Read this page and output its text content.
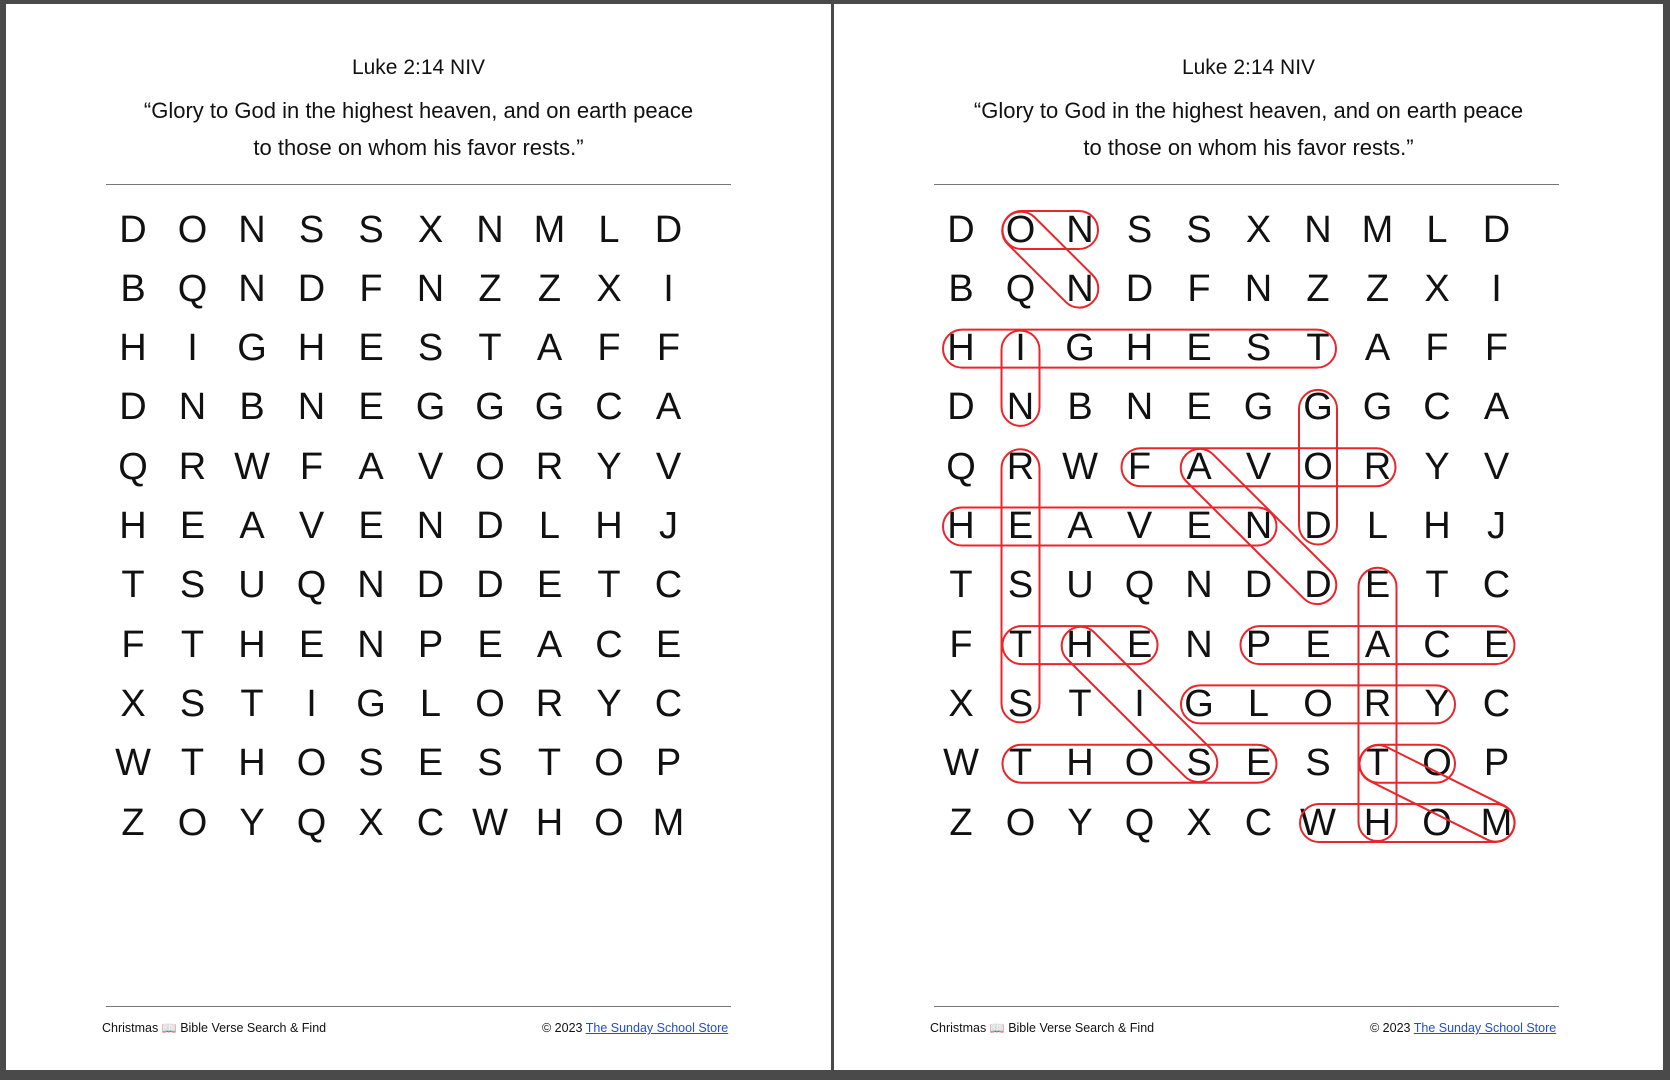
Luke 2:14 NIV
“Glory to God in the highest heaven, and on earth peace
to those on whom his favor rests.”
D O N S S X N M L D
B Q N D F N Z Z X	I
H	I	G H E S T A F F
D N B N E G G G C A
Q R W F A V O R Y V
H E A V E N D L H J
T S U Q N D D E T C
F T H E N P E A C E
X S T	I	G L O R Y C
W T H O S E S T O P
Z O Y Q X C W H O M
Christmas 📖 Bible Verse Search & Find	© 2023 The Sunday School Store
Luke 2:14 NIV
“Glory to God in the highest heaven, and on earth peace
to those on whom his favor rests.”
D O N S S X N M L D
B Q N D F N Z Z X	I
H	I	G H E S T A F F
D N B N E G G G C A
Q R W F A V O R Y V
H E A V E N D L H J
T S U Q N D D E T C
F T H E N P E A C E
X S T	I	G L O R Y C
W T H O S E S T O P
Z O Y Q X C W H O M
Christmas 📖 Bible Verse Search & Find	© 2023 The Sunday School Store
